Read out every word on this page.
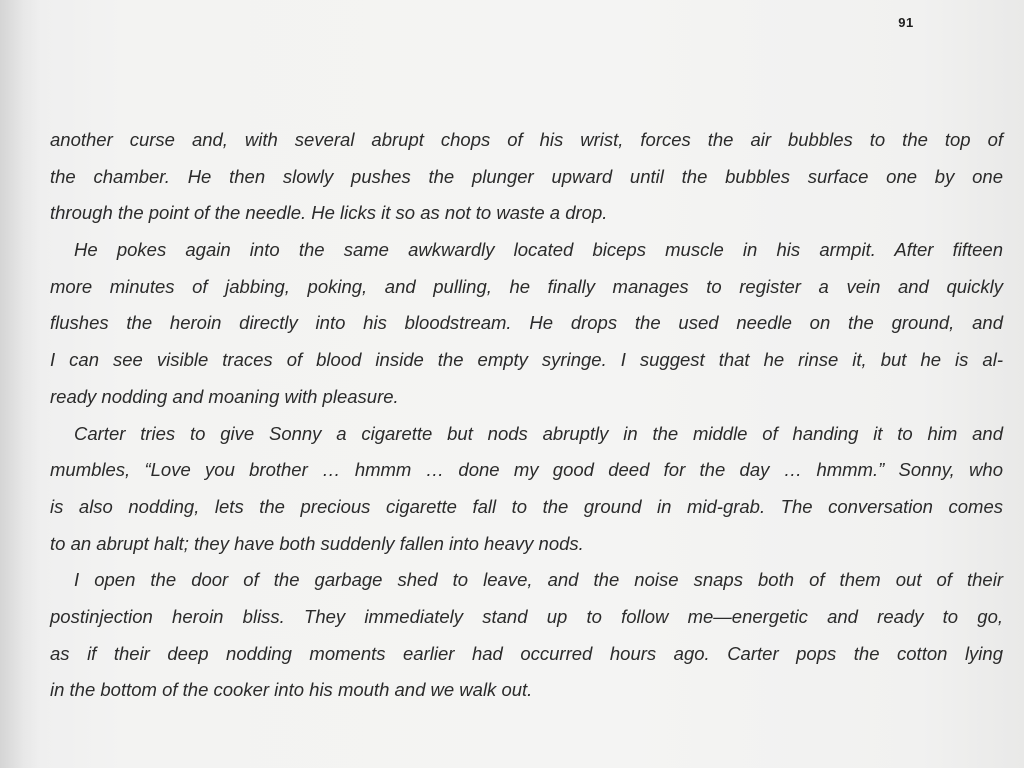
91
another curse and, with several abrupt chops of his wrist, forces the air bubbles to the top of
the chamber. He then slowly pushes the plunger upward until the bubbles surface one by one
through the point of the needle. He licks it so as not to waste a drop.
He pokes again into the same awkwardly located biceps muscle in his armpit. After fifteen
more minutes of jabbing, poking, and pulling, he finally manages to register a vein and quickly
flushes the heroin directly into his bloodstream. He drops the used needle on the ground, and
I can see visible traces of blood inside the empty syringe. I suggest that he rinse it, but he is al-
ready nodding and moaning with pleasure.
Carter tries to give Sonny a cigarette but nods abruptly in the middle of handing it to him and
mumbles, “Love you brother … hmmm … done my good deed for the day … hmmm.” Sonny, who
is also nodding, lets the precious cigarette fall to the ground in mid-grab. The conversation comes
to an abrupt halt; they have both suddenly fallen into heavy nods.
I open the door of the garbage shed to leave, and the noise snaps both of them out of their
postinjection heroin bliss. They immediately stand up to follow me—energetic and ready to go,
as if their deep nodding moments earlier had occurred hours ago. Carter pops the cotton lying
in the bottom of the cooker into his mouth and we walk out.
